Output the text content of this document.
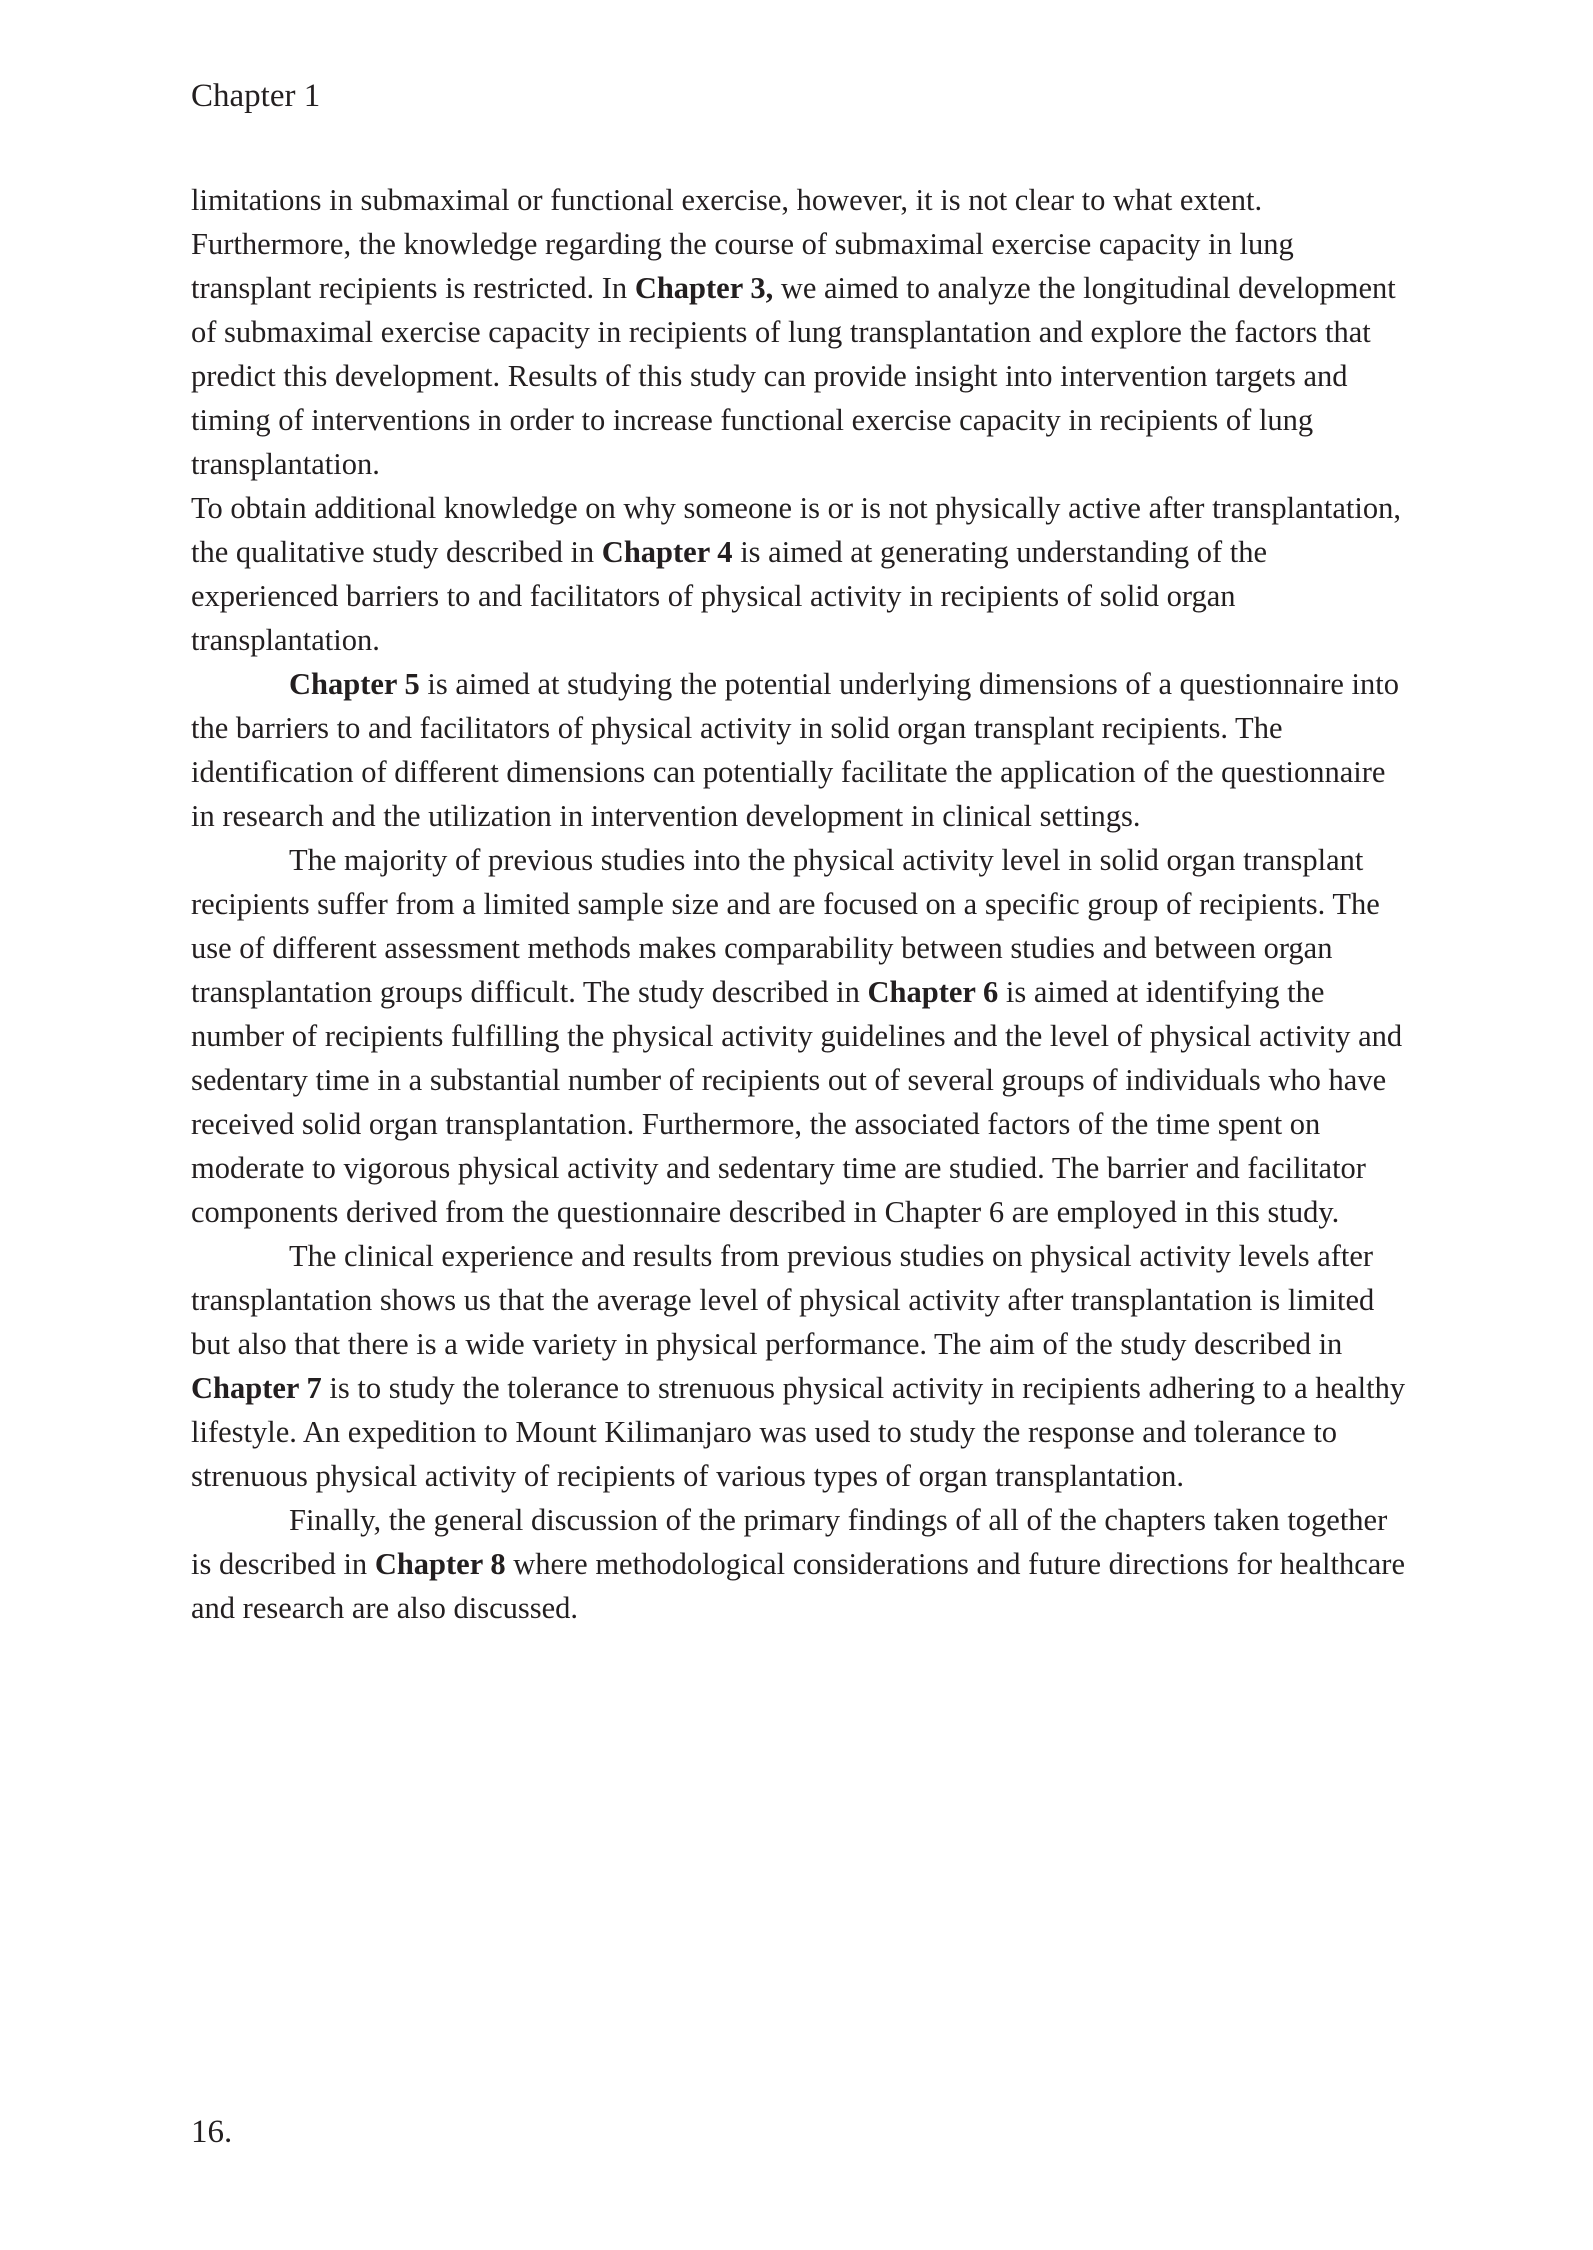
Chapter 1

limitations in submaximal or functional exercise, however, it is not clear to what extent. Furthermore, the knowledge regarding the course of submaximal exercise capacity in lung transplant recipients is restricted. In Chapter 3, we aimed to analyze the longitudinal development of submaximal exercise capacity in recipients of lung transplantation and explore the factors that predict this development. Results of this study can provide insight into intervention targets and timing of interventions in order to increase functional exercise capacity in recipients of lung transplantation.

To obtain additional knowledge on why someone is or is not physically active after transplantation, the qualitative study described in Chapter 4 is aimed at generating understanding of the experienced barriers to and facilitators of physical activity in recipients of solid organ transplantation.

Chapter 5 is aimed at studying the potential underlying dimensions of a questionnaire into the barriers to and facilitators of physical activity in solid organ transplant recipients. The identification of different dimensions can potentially facilitate the application of the questionnaire in research and the utilization in intervention development in clinical settings.

The majority of previous studies into the physical activity level in solid organ transplant recipients suffer from a limited sample size and are focused on a specific group of recipients. The use of different assessment methods makes comparability between studies and between organ transplantation groups difficult. The study described in Chapter 6 is aimed at identifying the number of recipients fulfilling the physical activity guidelines and the level of physical activity and sedentary time in a substantial number of recipients out of several groups of individuals who have received solid organ transplantation. Furthermore, the associated factors of the time spent on moderate to vigorous physical activity and sedentary time are studied. The barrier and facilitator components derived from the questionnaire described in Chapter 6 are employed in this study.

The clinical experience and results from previous studies on physical activity levels after transplantation shows us that the average level of physical activity after transplantation is limited but also that there is a wide variety in physical performance. The aim of the study described in Chapter 7 is to study the tolerance to strenuous physical activity in recipients adhering to a healthy lifestyle. An expedition to Mount Kilimanjaro was used to study the response and tolerance to strenuous physical activity of recipients of various types of organ transplantation.

Finally, the general discussion of the primary findings of all of the chapters taken together is described in Chapter 8 where methodological considerations and future directions for healthcare and research are also discussed.

16.
